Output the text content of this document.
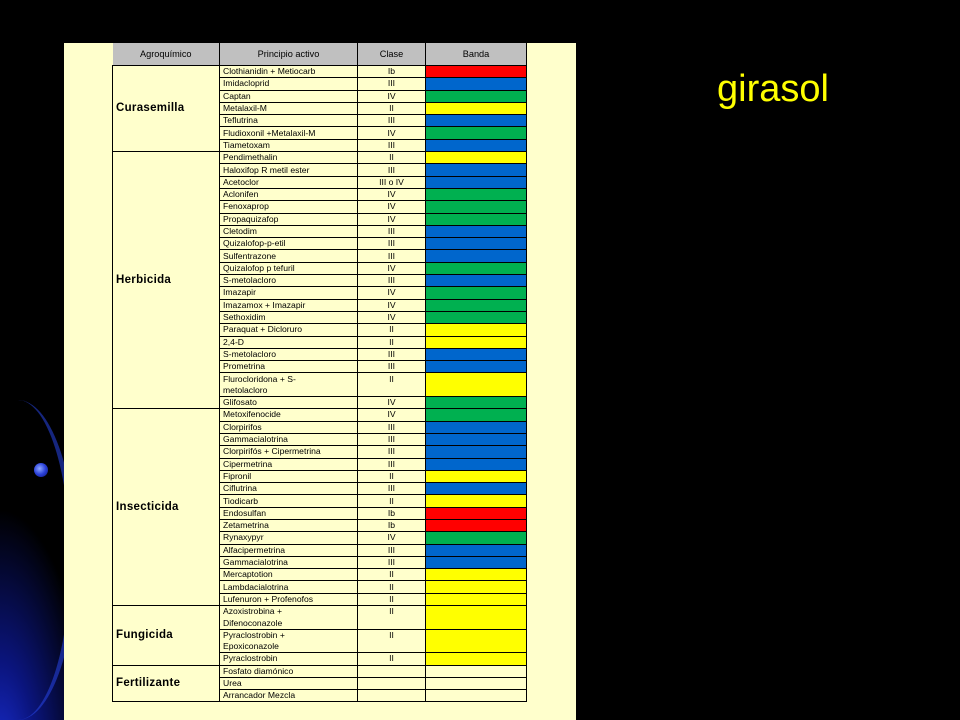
girasol
Agroquímico	Principio activo	Clase	Banda
Curasemilla	Clothianidin + Metiocarb	Ib	
	Imidacloprid	III	
	Captan	IV	
	Metalaxil-M	II	
	Teflutrina	III	
	Fludioxonil +Metalaxil-M	IV	
	Tiametoxam	III	
Herbicida	Pendimethalin	II	
	Haloxifop R metil ester	III	
	Acetoclor	III o IV	
	Aclonifen	IV	
	Fenoxaprop	IV	
	Propaquizafop	IV	
	Cletodim	III	
	Quizalofop-p-etil	III	
	Sulfentrazone	III	
	Quizalofop p tefuril	IV	
	S-metolacloro	III	
	Imazapir	IV	
	Imazamox + Imazapir	IV	
	Sethoxidim	IV	
	Paraquat + Dicloruro	II	
	2,4-D	II	
	S-metolacloro	III	
	Prometrina	III	
	Flurocloridona + S-	II	
	metolacloro		
	Glifosato	IV	
Insecticida	Metoxifenocide	IV	
	Clorpirifos	III	
	Gammacialotrina	III	
	Clorpirifós + Cipermetrina	III	
	Cipermetrina	III	
	Fipronil	II	
	Ciflutrina	III	
	Tiodicarb	II	
	Endosulfan	Ib	
	Zetametrina	Ib	
	Rynaxypyr	IV	
	Alfacipermetrina	III	
	Gammacialotrina	III	
	Mercaptotion	II	
	Lambdacialotrina	II	
	Lufenuron + Profenofos	II	
Fungicida	Azoxistrobina +	II	
	Difenoconazole		
	Pyraclostrobin +	II	
	Epoxiconazole		
	Pyraclostrobin	II	
Fertilizante	Fosfato diamónico		
	Urea		
	Arrancador Mezcla		
